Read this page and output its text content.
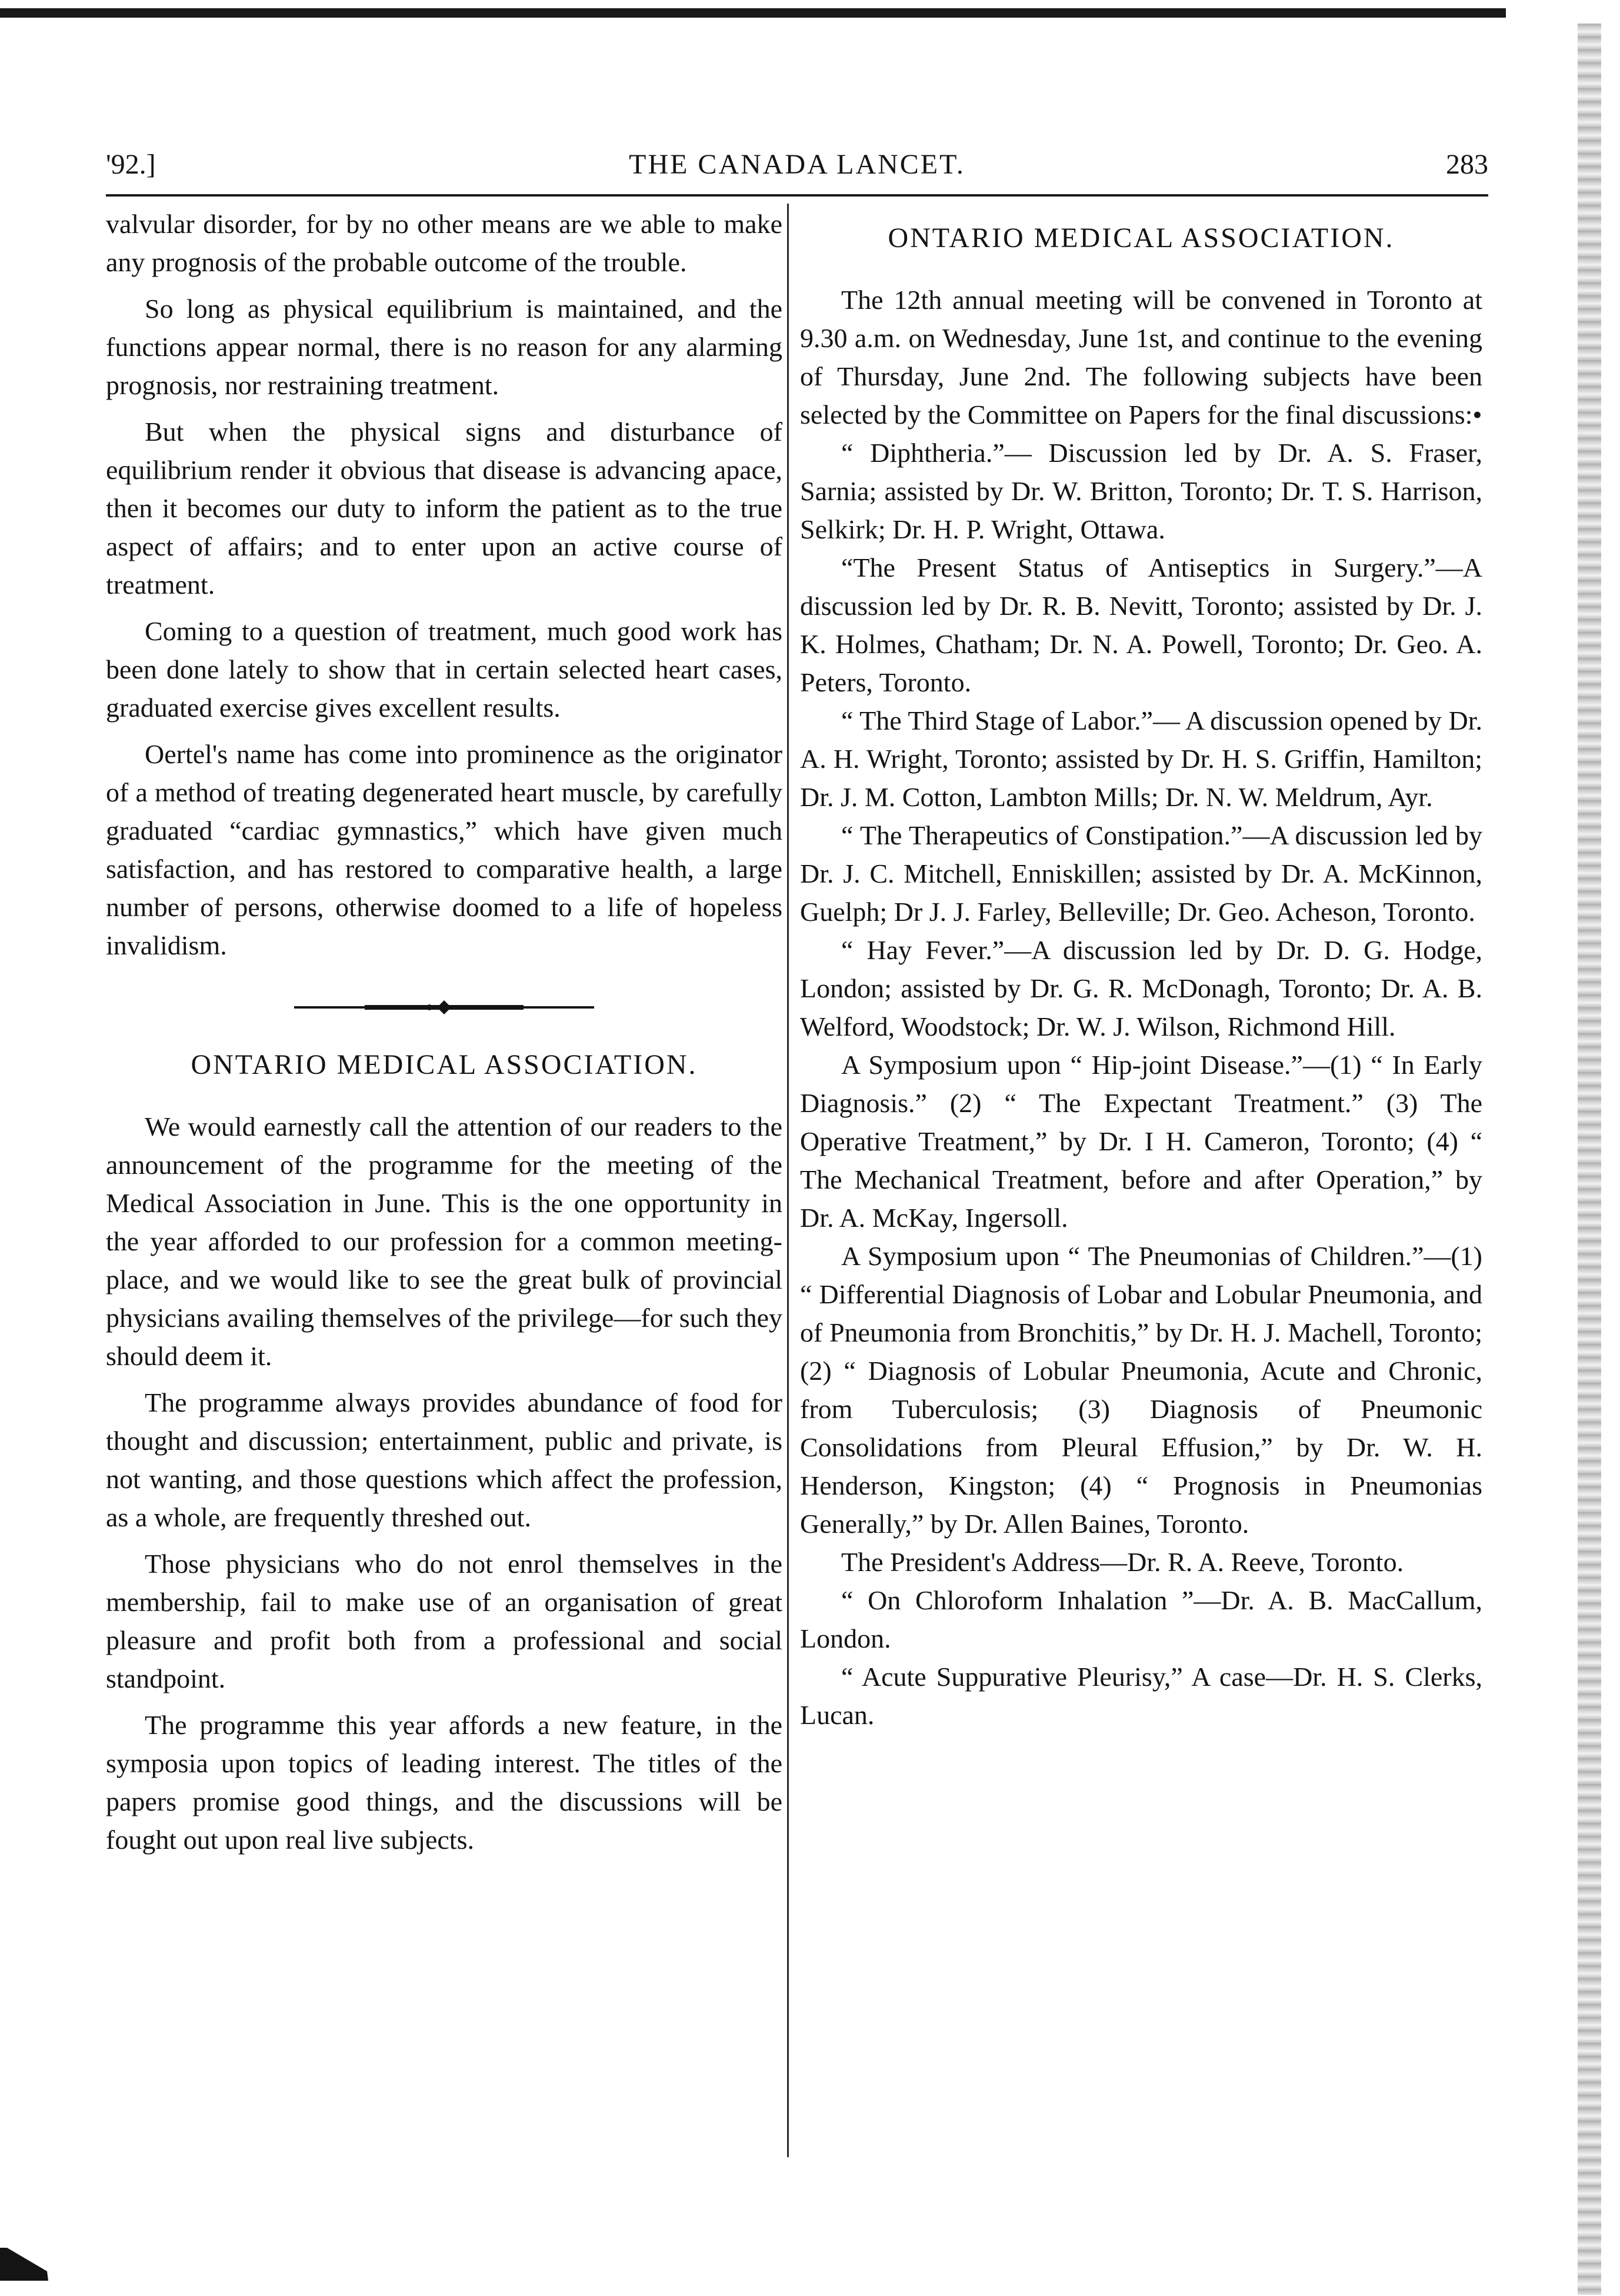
'92.]	THE CANADA LANCET.	283

valvular disorder, for by no other means are we able to make any prognosis of the probable outcome of the trouble.

So long as physical equilibrium is maintained, and the functions appear normal, there is no reason for any alarming prognosis, nor restraining treatment.

But when the physical signs and disturbance of equilibrium render it obvious that disease is advancing apace, then it becomes our duty to inform the patient as to the true aspect of affairs; and to enter upon an active course of treatment.

Coming to a question of treatment, much good work has been done lately to show that in certain selected heart cases, graduated exercise gives excellent results.

Oertel's name has come into prominence as the originator of a method of treating degenerated heart muscle, by carefully graduated “cardiac gymnastics,” which have given much satisfaction, and has restored to comparative health, a large number of persons, otherwise doomed to a life of hopeless invalidism.

ONTARIO MEDICAL ASSOCIATION.

We would earnestly call the attention of our readers to the announcement of the programme for the meeting of the Medical Association in June. This is the one opportunity in the year afforded to our profession for a common meeting-place, and we would like to see the great bulk of provincial physicians availing themselves of the privilege—for such they should deem it.

The programme always provides abundance of food for thought and discussion; entertainment, public and private, is not wanting, and those questions which affect the profession, as a whole, are frequently threshed out.

Those physicians who do not enrol themselves in the membership, fail to make use of an organisation of great pleasure and profit both from a professional and social standpoint.

The programme this year affords a new feature, in the symposia upon topics of leading interest. The titles of the papers promise good things, and the discussions will be fought out upon real live subjects.

ONTARIO MEDICAL ASSOCIATION.

The 12th annual meeting will be convened in Toronto at 9.30 a.m. on Wednesday, June 1st, and continue to the evening of Thursday, June 2nd. The following subjects have been selected by the Committee on Papers for the final discussions:•

“ Diphtheria.”— Discussion led by Dr. A. S. Fraser, Sarnia; assisted by Dr. W. Britton, Toronto; Dr. T. S. Harrison, Selkirk; Dr. H. P. Wright, Ottawa.

“The Present Status of Antiseptics in Surgery.”—A discussion led by Dr. R. B. Nevitt, Toronto; assisted by Dr. J. K. Holmes, Chatham; Dr. N. A. Powell, Toronto; Dr. Geo. A. Peters, Toronto.

“ The Third Stage of Labor.”— A discussion opened by Dr. A. H. Wright, Toronto; assisted by Dr. H. S. Griffin, Hamilton; Dr. J. M. Cotton, Lambton Mills; Dr. N. W. Meldrum, Ayr.

“ The Therapeutics of Constipation.”—A discussion led by Dr. J. C. Mitchell, Enniskillen; assisted by Dr. A. McKinnon, Guelph; Dr J. J. Farley, Belleville; Dr. Geo. Acheson, Toronto.

“ Hay Fever.”—A discussion led by Dr. D. G. Hodge, London; assisted by Dr. G. R. McDonagh, Toronto; Dr. A. B. Welford, Woodstock; Dr. W. J. Wilson, Richmond Hill.

A Symposium upon “ Hip-joint Disease.”—(1) “ In Early Diagnosis.” (2) “ The Expectant Treatment.” (3) The Operative Treatment,” by Dr. I H. Cameron, Toronto; (4) “ The Mechanical Treatment, before and after Operation,” by Dr. A. McKay, Ingersoll.

A Symposium upon “ The Pneumonias of Children.”—(1) “ Differential Diagnosis of Lobar and Lobular Pneumonia, and of Pneumonia from Bronchitis,” by Dr. H. J. Machell, Toronto; (2) “ Diagnosis of Lobular Pneumonia, Acute and Chronic, from Tuberculosis; (3) Diagnosis of Pneumonic Consolidations from Pleural Effusion,” by Dr. W. H. Henderson, Kingston; (4) “ Prognosis in Pneumonias Generally,” by Dr. Allen Baines, Toronto.

The President's Address—Dr. R. A. Reeve, Toronto.

“ On Chloroform Inhalation ”—Dr. A. B. MacCallum, London.

“ Acute Suppurative Pleurisy,” A case—Dr. H. S. Clerks, Lucan.
